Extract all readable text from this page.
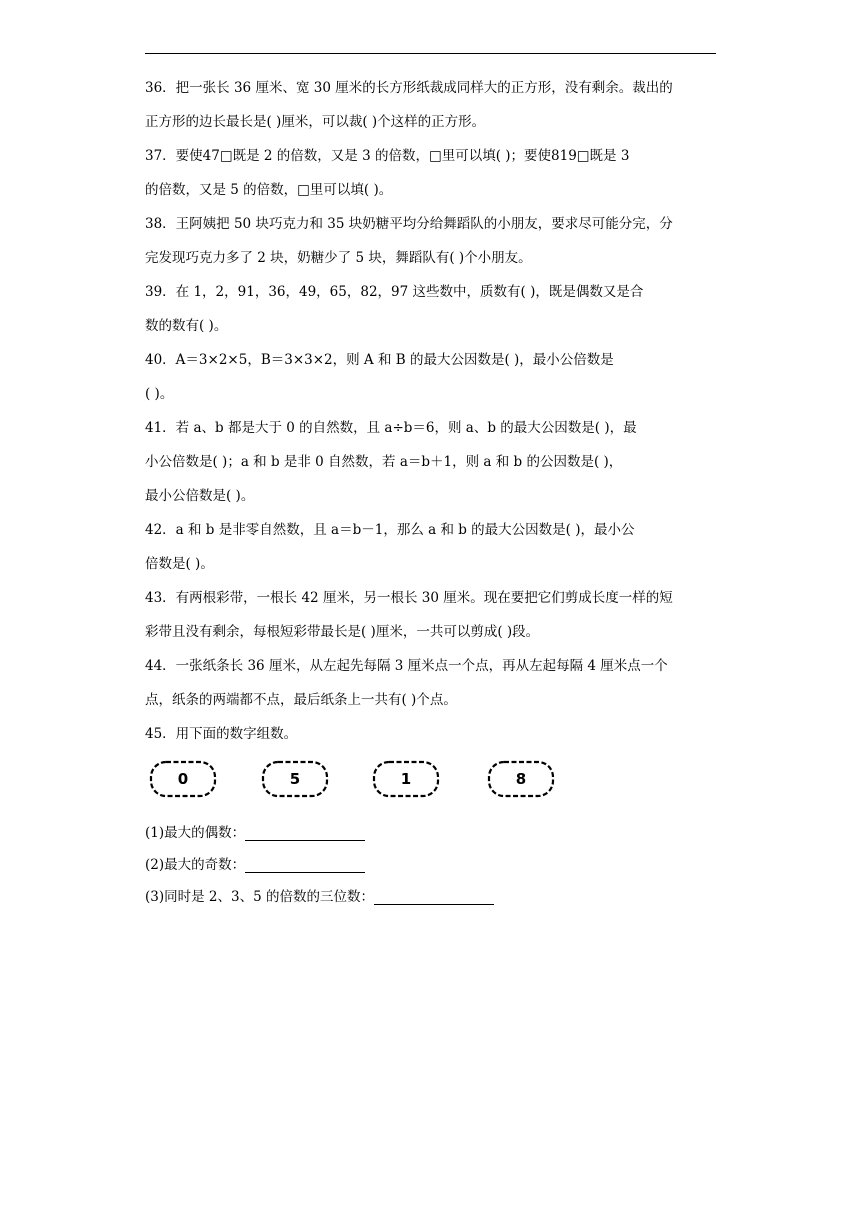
36．把一张长 36 厘米、宽 30 厘米的长方形纸裁成同样大的正方形，没有剩余。裁出的
正方形的边长最长是( )厘米，可以裁( )个这样的正方形。
37．要使47□既是 2 的倍数，又是 3 的倍数，□里可以填( )；要使819□既是 3
的倍数，又是 5 的倍数，□里可以填( )。
38．王阿姨把 50 块巧克力和 35 块奶糖平均分给舞蹈队的小朋友，要求尽可能分完，分
完发现巧克力多了 2 块，奶糖少了 5 块，舞蹈队有( )个小朋友。
39．在 1，2，91，36，49，65，82，97 这些数中，质数有( )，既是偶数又是合
数的数有( )。
40．A＝3×2×5，B＝3×3×2，则 A 和 B 的最大公因数是( )，最小公倍数是
( )。
41．若 a、b 都是大于 0 的自然数，且 a÷b＝6，则 a、b 的最大公因数是( )，最
小公倍数是( )；a 和 b 是非 0 自然数，若 a＝b＋1，则 a 和 b 的公因数是( )，
最小公倍数是( )。
42．a 和 b 是非零自然数，且 a＝b－1，那么 a 和 b 的最大公因数是( )，最小公
倍数是( )。
43．有两根彩带，一根长 42 厘米，另一根长 30 厘米。现在要把它们剪成长度一样的短
彩带且没有剩余，每根短彩带最长是( )厘米，一共可以剪成( )段。
44．一张纸条长 36 厘米，从左起先每隔 3 厘米点一个点，再从左起每隔 4 厘米点一个
点，纸条的两端都不点，最后纸条上一共有( )个点。
45．用下面的数字组数。
0	5	1	8
(1)最大的偶数：
(2)最大的奇数：
(3)同时是 2、3、5 的倍数的三位数：
